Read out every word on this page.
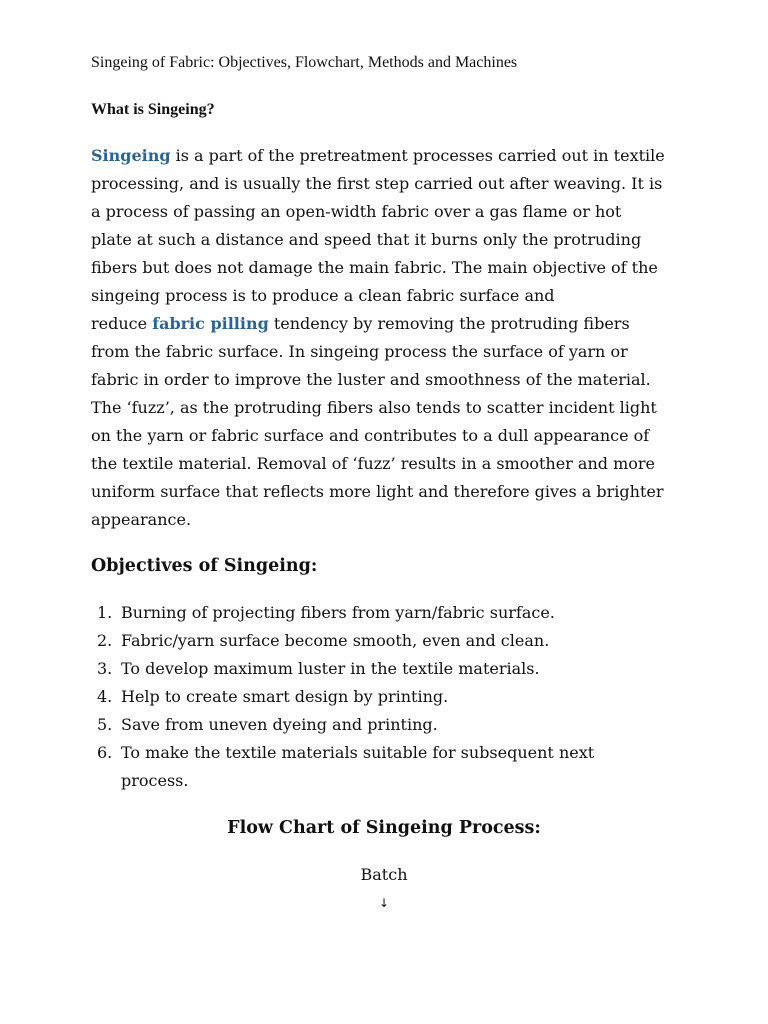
Singeing of Fabric: Objectives, Flowchart, Methods and Machines
What is Singeing?

Singeing is a part of the pretreatment processes carried out in textile
processing, and is usually the first step carried out after weaving. It is
a process of passing an open-width fabric over a gas flame or hot
plate at such a distance and speed that it burns only the protruding
fibers but does not damage the main fabric. The main objective of the
singeing process is to produce a clean fabric surface and
reduce fabric pilling tendency by removing the protruding fibers
from the fabric surface. In singeing process the surface of yarn or
fabric in order to improve the luster and smoothness of the material.
The ‘fuzz’, as the protruding fibers also tends to scatter incident light
on the yarn or fabric surface and contributes to a dull appearance of
the textile material. Removal of ‘fuzz’ results in a smoother and more
uniform surface that reflects more light and therefore gives a brighter
appearance.

Objectives of Singeing:
1. Burning of projecting fibers from yarn/fabric surface.
2. Fabric/yarn surface become smooth, even and clean.
3. To develop maximum luster in the textile materials.
4. Help to create smart design by printing.
5. Save from uneven dyeing and printing.
6. To make the textile materials suitable for subsequent next
process.
Flow Chart of Singeing Process:
Batch
↓
